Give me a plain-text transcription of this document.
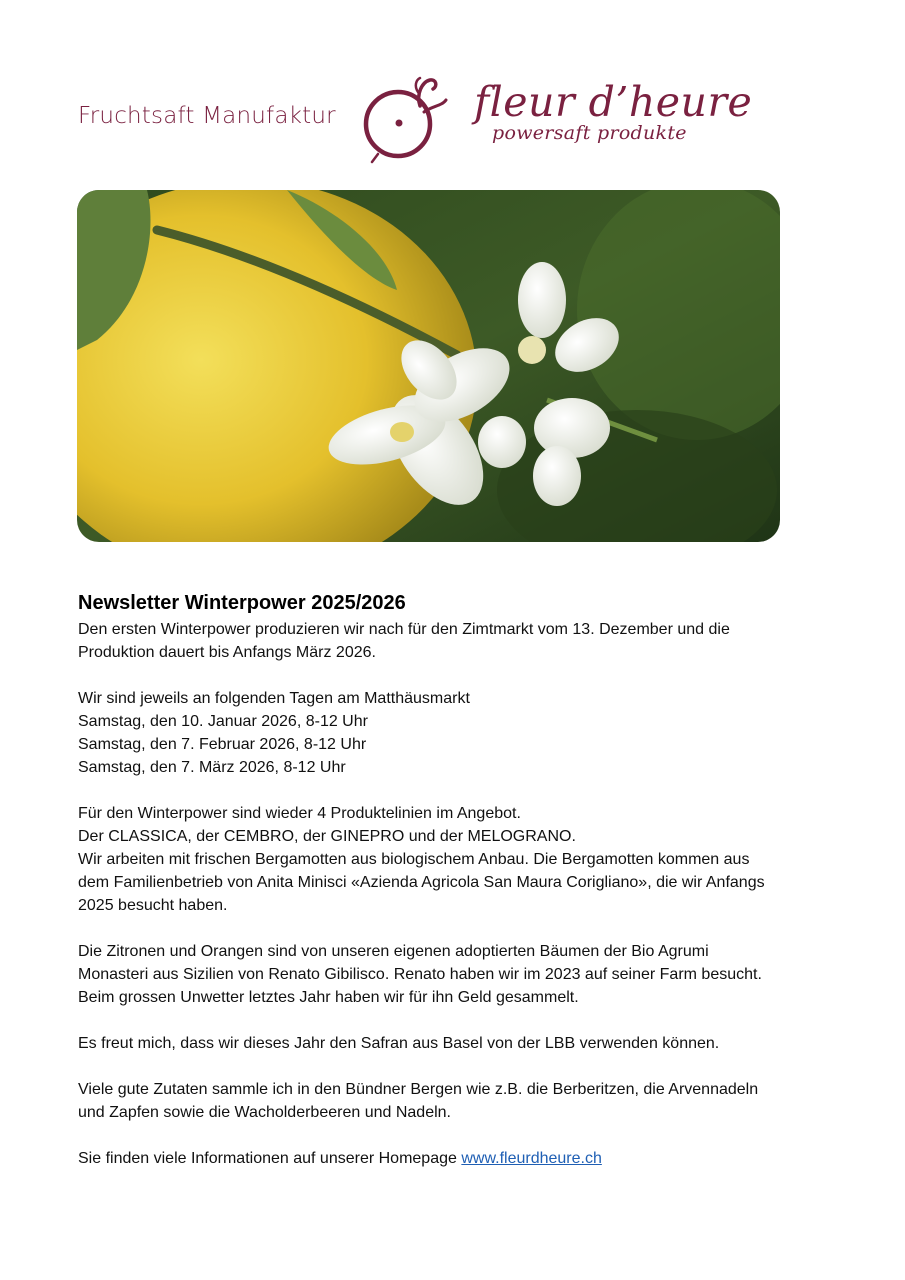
Fruchtsaft Manufaktur	fleur d’heure
powersaft produkte
Newsletter Winterpower 2025/2026
Den ersten Winterpower produzieren wir nach für den Zimtmarkt vom 13. Dezember und die
Produktion dauert bis Anfangs März 2026.
Wir sind jeweils an folgenden Tagen am Matthäusmarkt
Samstag, den 10. Januar 2026, 8-12 Uhr
Samstag, den 7. Februar 2026, 8-12 Uhr
Samstag, den 7. März 2026, 8-12 Uhr
Für den Winterpower sind wieder 4 Produktelinien im Angebot.
Der CLASSICA, der CEMBRO, der GINEPRO und der MELOGRANO.
Wir arbeiten mit frischen Bergamotten aus biologischem Anbau. Die Bergamotten kommen aus
dem Familienbetrieb von Anita Minisci «Azienda Agricola San Maura Corigliano», die wir Anfangs
2025 besucht haben.
Die Zitronen und Orangen sind von unseren eigenen adoptierten Bäumen der Bio Agrumi
Monasteri aus Sizilien von Renato Gibilisco. Renato haben wir im 2023 auf seiner Farm besucht.
Beim grossen Unwetter letztes Jahr haben wir für ihn Geld gesammelt.
Es freut mich, dass wir dieses Jahr den Safran aus Basel von der LBB verwenden können.
Viele gute Zutaten sammle ich in den Bündner Bergen wie z.B. die Berberitzen, die Arvennadeln
und Zapfen sowie die Wacholderbeeren und Nadeln.
Sie finden viele Informationen auf unserer Homepage www.fleurdheure.ch
